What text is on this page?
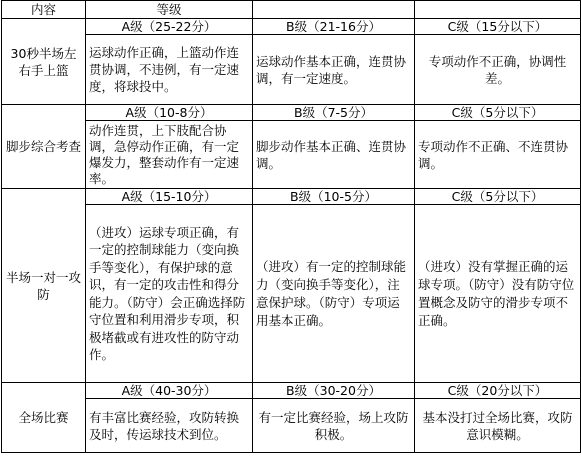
内容	等级		
30秒半场左右手上篮	A级（25-22分）	B级（21-16分）	C级（15分以下）
	运球动作正确，上篮动作连贯协调，不违例，有一定速度，将球投中。	运球动作基本正确，连贯协调，有一定速度。	专项动作不正确，协调性差。
脚步综合考查	A级（10-8分）	B级（7-5分）	C级（5分以下）
	动作连贯，上下肢配合协调，急停动作正确，有一定爆发力，整套动作有一定速率。	脚步动作基本正确、连贯协调。	专项动作不正确、不连贯协调。
半场一对一攻防	A级（15-10分）	B级（10-5分）	C级（5分以下）
	（进攻）运球专项正确，有一定的控制球能力（变向换手等变化），有保护球的意识，有一定的攻击性和得分能力。（防守）会正确选择防守位置和利用滑步专项，积极堵截或有进攻性的防守动作。	（进攻）有一定的控制球能力（变向换手等变化），注意保护球。（防守）专项运用基本正确。	（进攻）没有掌握正确的运球专项。（防守）没有防守位置概念及防守的滑步专项不正确。
全场比赛	A级（40-30分）	B级（30-20分）	C级（20分以下）
	有丰富比赛经验，攻防转换及时，传运球技术到位。	有一定比赛经验，场上攻防积极。	基本没打过全场比赛，攻防意识模糊。
